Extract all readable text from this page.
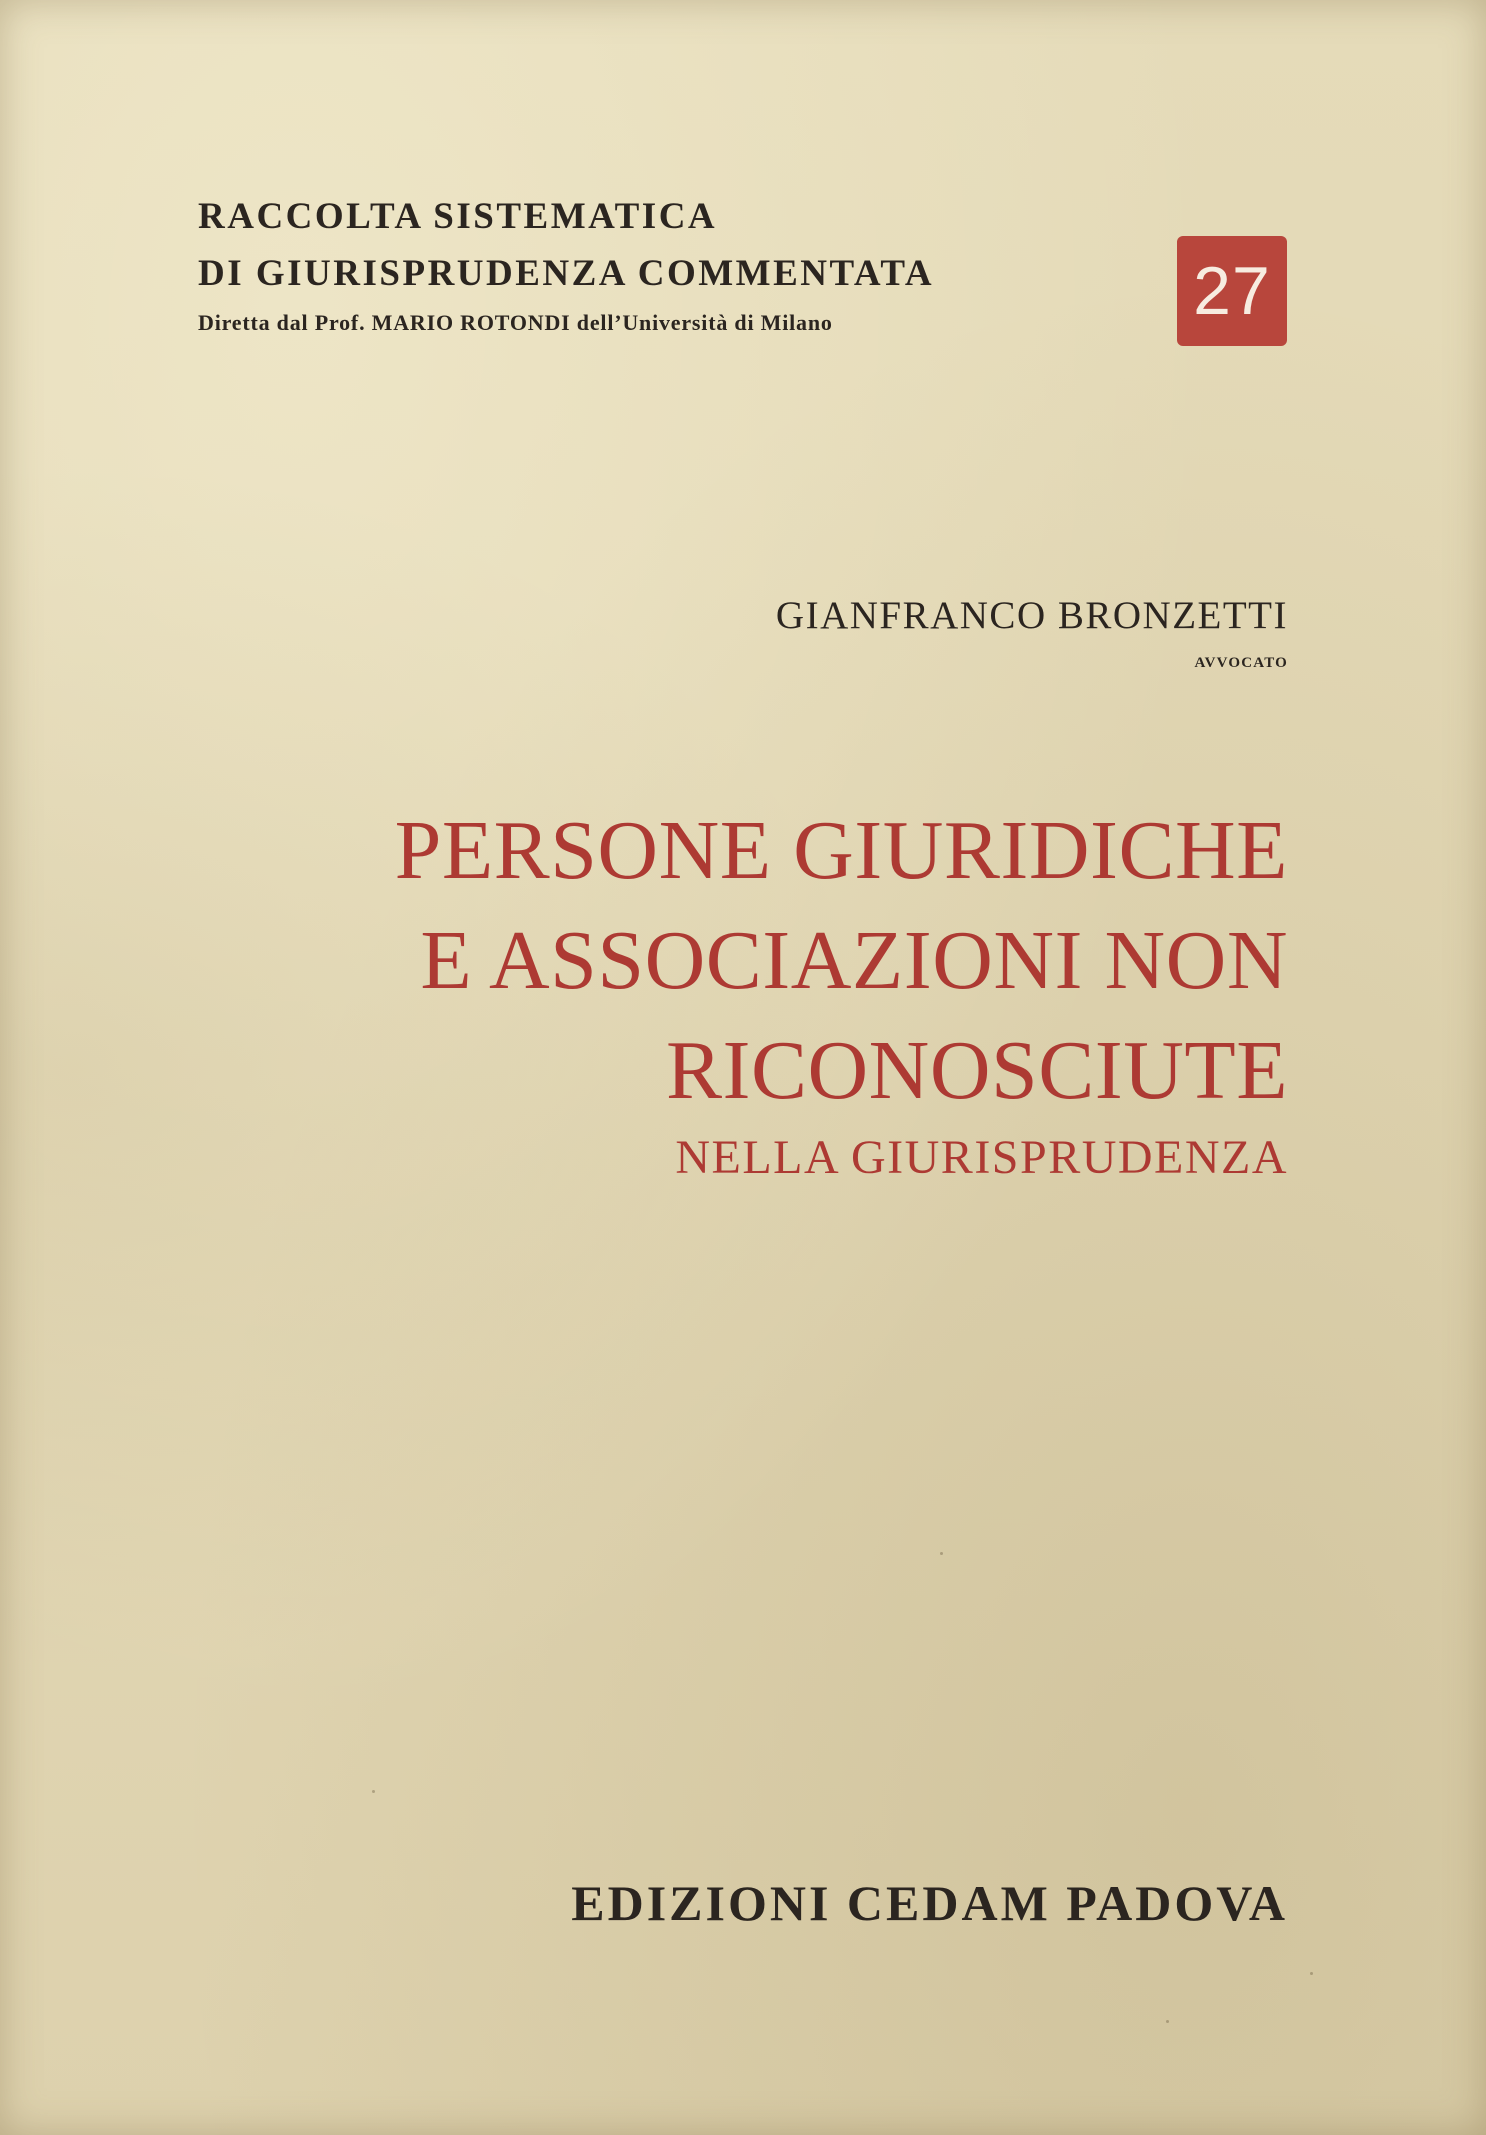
RACCOLTA SISTEMATICA
DI GIURISPRUDENZA COMMENTATA
Diretta dal Prof. MARIO ROTONDI dell’Università di Milano	27
GIANFRANCO BRONZETTI
AVVOCATO
PERSONE GIURIDICHE
E ASSOCIAZIONI NON
RICONOSCIUTE
NELLA GIURISPRUDENZA
EDIZIONI CEDAM PADOVA
